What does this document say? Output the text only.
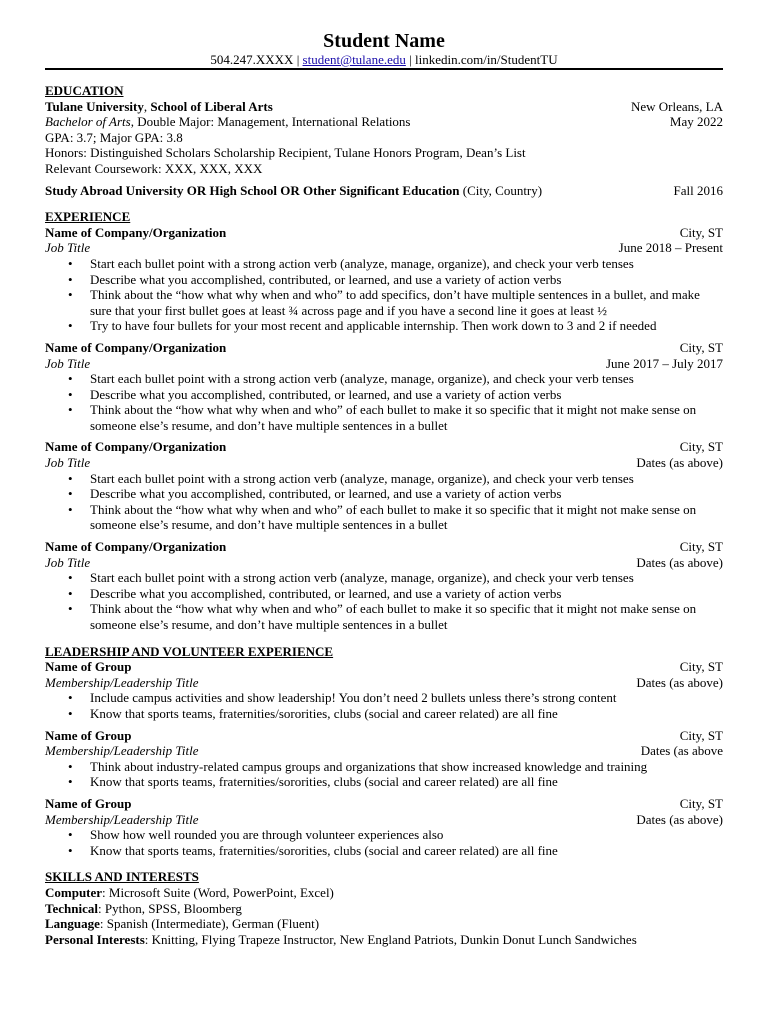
Student Name
504.247.XXXX | student@tulane.edu | linkedin.com/in/StudentTU
EDUCATION
Tulane University, School of Liberal Arts	New Orleans, LA
Bachelor of Arts, Double Major: Management, International Relations	May 2022
GPA: 3.7; Major GPA: 3.8
Honors: Distinguished Scholars Scholarship Recipient, Tulane Honors Program, Dean’s List
Relevant Coursework: XXX, XXX, XXX
Study Abroad University OR High School OR Other Significant Education (City, Country)	Fall 2016
EXPERIENCE
Name of Company/Organization	City, ST
Job Title	June 2018 – Present
• Start each bullet point with a strong action verb (analyze, manage, organize), and check your verb tenses
• Describe what you accomplished, contributed, or learned, and use a variety of action verbs
• Think about the “how what why when and who” to add specifics, don’t have multiple sentences in a bullet, and make sure that your first bullet goes at least ¾ across page and if you have a second line it goes at least ½
• Try to have four bullets for your most recent and applicable internship. Then work down to 3 and 2 if needed
Name of Company/Organization	City, ST
Job Title	June 2017 – July 2017
• Start each bullet point with a strong action verb (analyze, manage, organize), and check your verb tenses
• Describe what you accomplished, contributed, or learned, and use a variety of action verbs
• Think about the “how what why when and who” of each bullet to make it so specific that it might not make sense on someone else’s resume, and don’t have multiple sentences in a bullet
Name of Company/Organization	City, ST
Job Title	Dates (as above)
• Start each bullet point with a strong action verb (analyze, manage, organize), and check your verb tenses
• Describe what you accomplished, contributed, or learned, and use a variety of action verbs
• Think about the “how what why when and who” of each bullet to make it so specific that it might not make sense on someone else’s resume, and don’t have multiple sentences in a bullet
Name of Company/Organization	City, ST
Job Title	Dates (as above)
• Start each bullet point with a strong action verb (analyze, manage, organize), and check your verb tenses
• Describe what you accomplished, contributed, or learned, and use a variety of action verbs
• Think about the “how what why when and who” of each bullet to make it so specific that it might not make sense on someone else’s resume, and don’t have multiple sentences in a bullet
LEADERSHIP AND VOLUNTEER EXPERIENCE
Name of Group	City, ST
Membership/Leadership Title	Dates (as above)
• Include campus activities and show leadership! You don’t need 2 bullets unless there’s strong content
• Know that sports teams, fraternities/sororities, clubs (social and career related) are all fine
Name of Group	City, ST
Membership/Leadership Title	Dates (as above
• Think about industry-related campus groups and organizations that show increased knowledge and training
• Know that sports teams, fraternities/sororities, clubs (social and career related) are all fine
Name of Group	City, ST
Membership/Leadership Title	Dates (as above)
• Show how well rounded you are through volunteer experiences also
• Know that sports teams, fraternities/sororities, clubs (social and career related) are all fine
SKILLS AND INTERESTS
Computer: Microsoft Suite (Word, PowerPoint, Excel)
Technical: Python, SPSS, Bloomberg
Language: Spanish (Intermediate), German (Fluent)
Personal Interests: Knitting, Flying Trapeze Instructor, New England Patriots, Dunkin Donut Lunch Sandwiches
